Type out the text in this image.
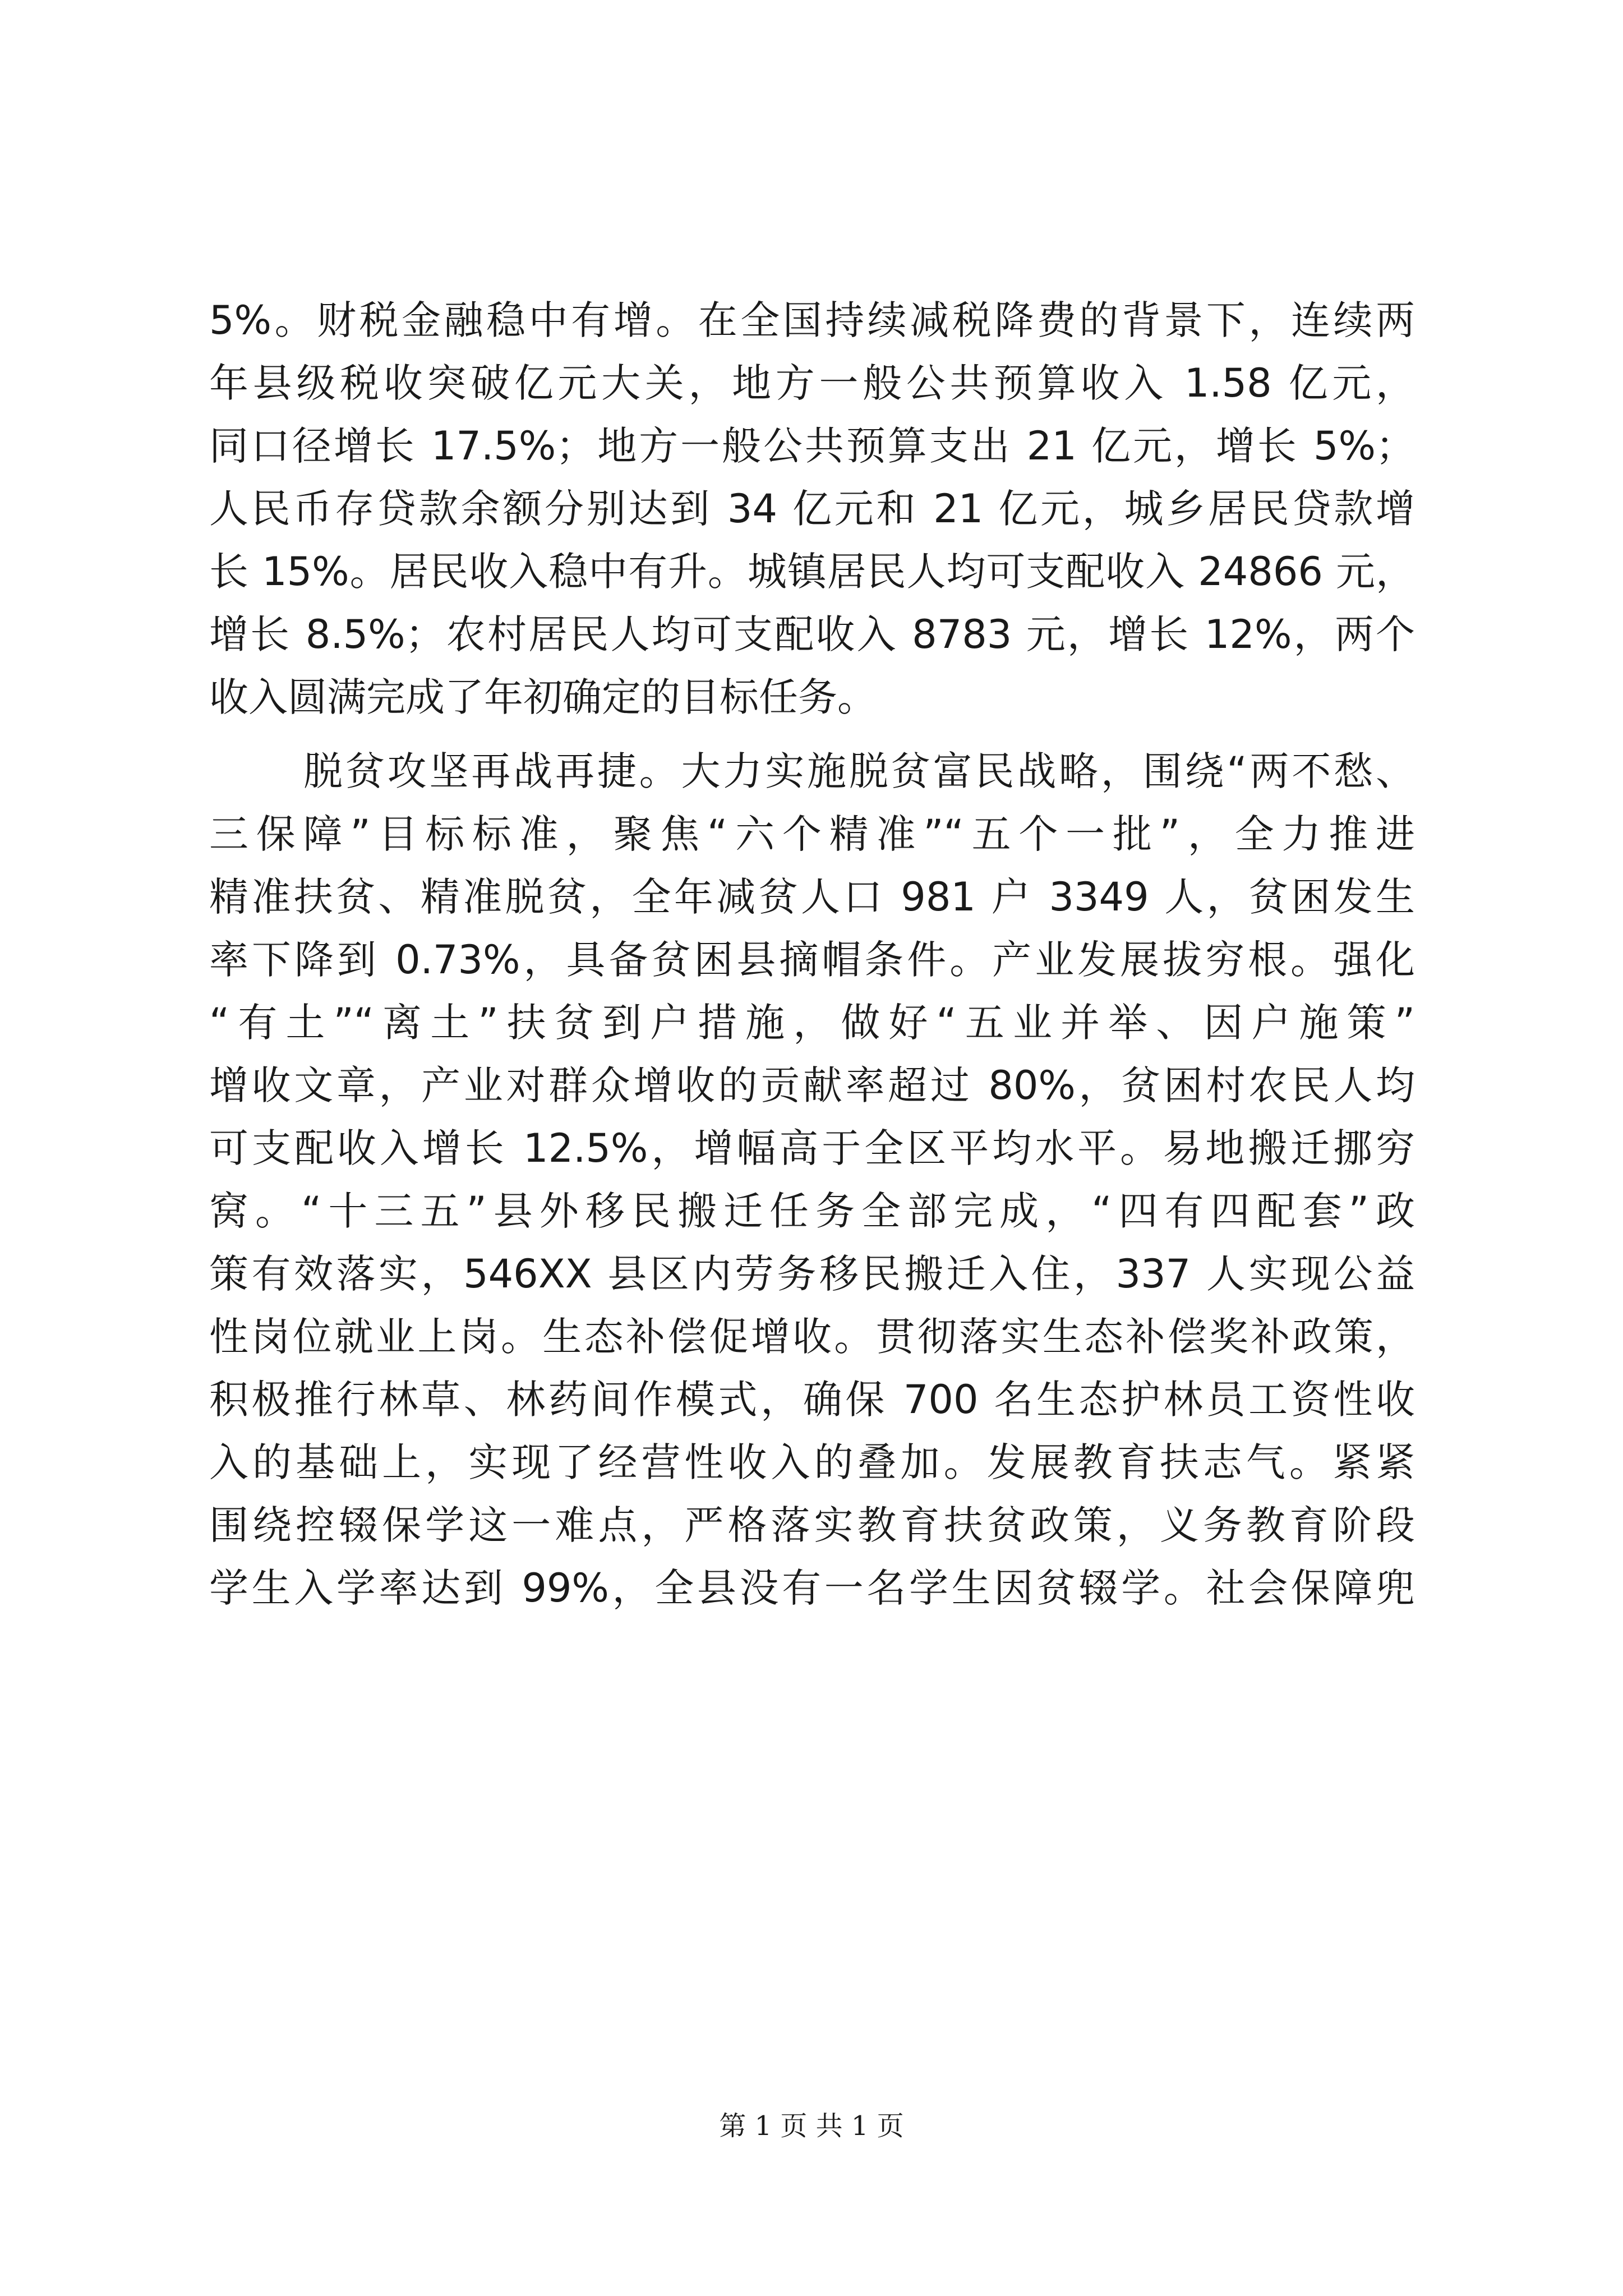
5%。财税金融稳中有增。在全国持续减税降费的背景下，连续两
年县级税收突破亿元大关，地方一般公共预算收入 1.58 亿元，
同口径增长 17.5%；地方一般公共预算支出 21 亿元，增长 5%；
人民币存贷款余额分别达到 34 亿元和 21 亿元，城乡居民贷款增
长 15%。居民收入稳中有升。城镇居民人均可支配收入 24866 元，
增长 8.5%；农村居民人均可支配收入 8783 元，增长 12%，两个
收入圆满完成了年初确定的目标任务。
脱贫攻坚再战再捷。大力实施脱贫富民战略，围绕“两不愁、
三保障”目标标准，聚焦“六个精准”“五个一批”，全力推进
精准扶贫、精准脱贫，全年减贫人口 981 户 3349 人，贫困发生
率下降到 0.73%，具备贫困县摘帽条件。产业发展拔穷根。强化
“有土”“离土”扶贫到户措施，做好“五业并举、因户施策”
增收文章，产业对群众增收的贡献率超过 80%，贫困村农民人均
可支配收入增长 12.5%，增幅高于全区平均水平。易地搬迁挪穷
窝。“十三五”县外移民搬迁任务全部完成，“四有四配套”政
策有效落实，546XX 县区内劳务移民搬迁入住，337 人实现公益
性岗位就业上岗。生态补偿促增收。贯彻落实生态补偿奖补政策，
积极推行林草、林药间作模式，确保 700 名生态护林员工资性收
入的基础上，实现了经营性收入的叠加。发展教育扶志气。紧紧
围绕控辍保学这一难点，严格落实教育扶贫政策，义务教育阶段
学生入学率达到 99%，全县没有一名学生因贫辍学。社会保障兜
第 1 页 共 1 页
